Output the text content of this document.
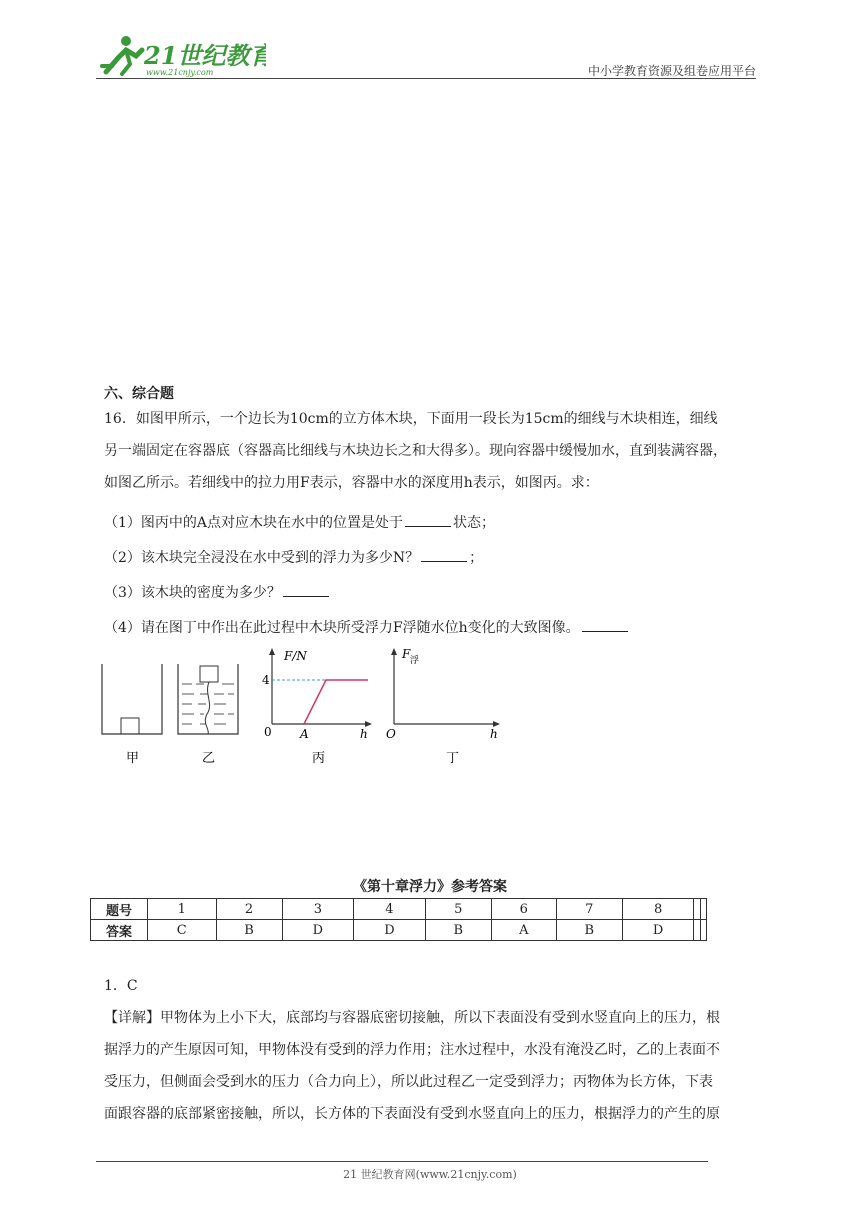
21世纪教育
www.21cnjy.com	中小学教育资源及组卷应用平台
六、综合题
16．如图甲所示，一个边长为10cm的立方体木块，下面用一段长为15cm的细线与木块相连，细线
另一端固定在容器底（容器高比细线与木块边长之和大得多）。现向容器中缓慢加水，直到装满容器，
如图乙所示。若细线中的拉力用F表示，容器中水的深度用h表示，如图丙。求：
（1）图丙中的A点对应木块在水中的位置是处于	状态；
（2）该木块完全浸没在水中受到的浮力为多少N？	；
（3）该木块的密度为多少？
（4）请在图丁中作出在此过程中木块所受浮力F浮随水位h变化的大致图像。
甲	乙
F/N
4
0 A	h
丙
F 浮
O	h
丁
《第十章浮力》参考答案
题号	1	2	3	4	5	6	7	8		
答案	C	B	D	D	B	A	B	D		
1．C
【详解】甲物体为上小下大，底部均与容器底密切接触，所以下表面没有受到水竖直向上的压力，根
据浮力的产生原因可知，甲物体没有受到的浮力作用；注水过程中，水没有淹没乙时，乙的上表面不
受压力，但侧面会受到水的压力（合力向上），所以此过程乙一定受到浮力；丙物体为长方体，下表
面跟容器的底部紧密接触，所以，长方体的下表面没有受到水竖直向上的压力，根据浮力的产生的原
21 世纪教育网(www.21cnjy.com)
